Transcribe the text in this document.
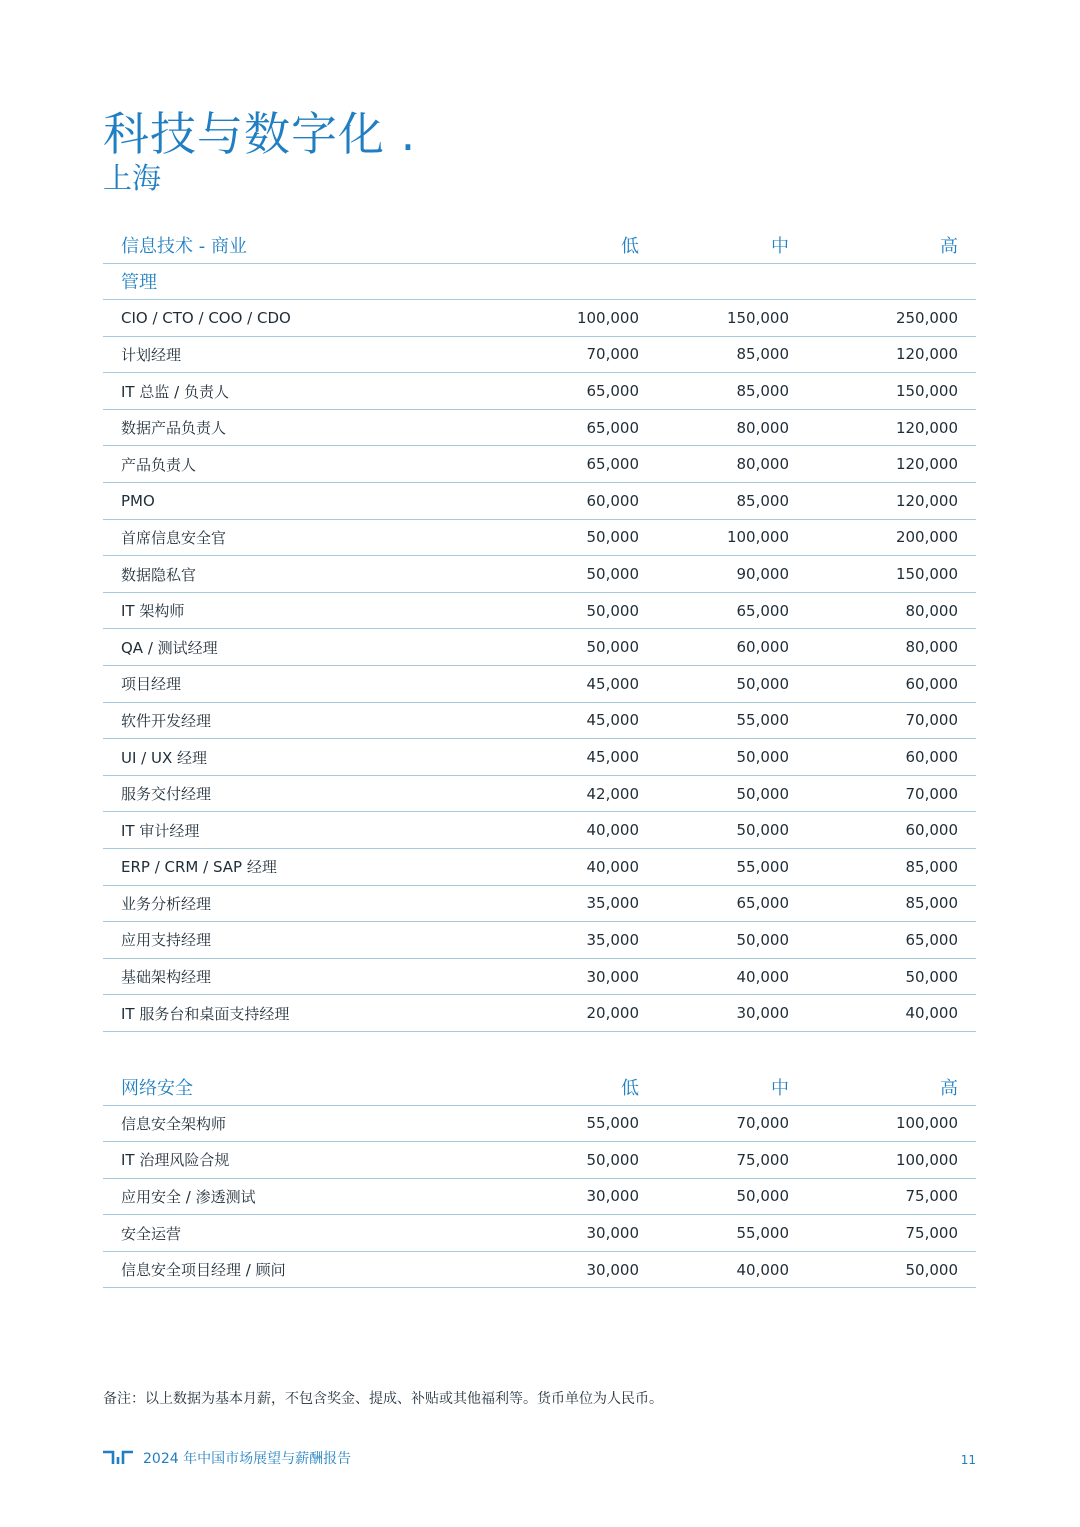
科技与数字化 .
上海
信息技术 - 商业	低	中	高
管理			
CIO / CTO / COO / CDO	100,000	150,000	250,000
计划经理	70,000	85,000	120,000
IT 总监 / 负责人	65,000	85,000	150,000
数据产品负责人	65,000	80,000	120,000
产品负责人	65,000	80,000	120,000
PMO	60,000	85,000	120,000
首席信息安全官	50,000	100,000	200,000
数据隐私官	50,000	90,000	150,000
IT 架构师	50,000	65,000	80,000
QA / 测试经理	50,000	60,000	80,000
项目经理	45,000	50,000	60,000
软件开发经理	45,000	55,000	70,000
UI / UX 经理	45,000	50,000	60,000
服务交付经理	42,000	50,000	70,000
IT 审计经理	40,000	50,000	60,000
ERP / CRM / SAP 经理	40,000	55,000	85,000
业务分析经理	35,000	65,000	85,000
应用支持经理	35,000	50,000	65,000
基础架构经理	30,000	40,000	50,000
IT 服务台和桌面支持经理	20,000	30,000	40,000
网络安全	低	中	高
信息安全架构师	55,000	70,000	100,000
IT 治理风险合规	50,000	75,000	100,000
应用安全 / 渗透测试	30,000	50,000	75,000
安全运营	30,000	55,000	75,000
信息安全项目经理 / 顾问	30,000	40,000	50,000
备注：以上数据为基本月薪，不包含奖金、提成、补贴或其他福利等。货币单位为人民币。
2024 年中国市场展望与薪酬报告	11
